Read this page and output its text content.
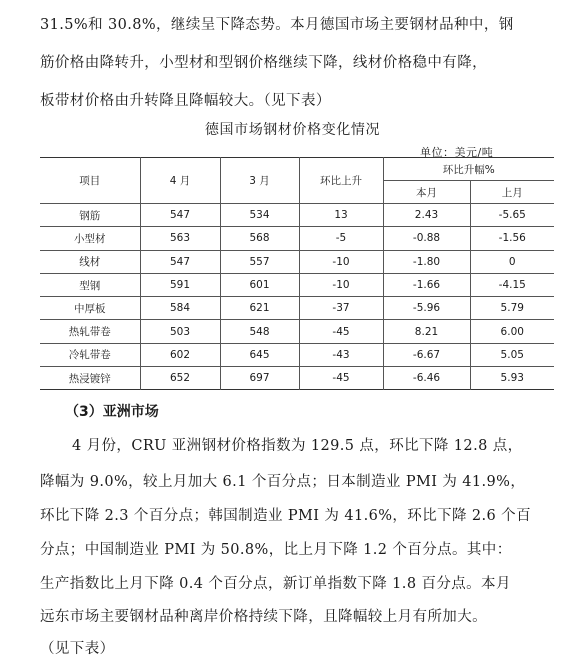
31.5%和 30.8%，继续呈下降态势。本月德国市场主要钢材品种中，钢
筋价格由降转升，小型材和型钢价格继续下降，线材价格稳中有降，
板带材价格由升转降且降幅较大。（见下表）
德国市场钢材价格变化情况
单位：美元/吨
项目	4 月	3 月	环比上升	环比升幅%	
				本月	上月
钢筋	547	534	13	2.43	-5.65
小型材	563	568	-5	-0.88	-1.56
线材	547	557	-10	-1.80	0
型钢	591	601	-10	-1.66	-4.15
中厚板	584	621	-37	-5.96	5.79
热轧带卷	503	548	-45	8.21	6.00
冷轧带卷	602	645	-43	-6.67	5.05
热浸镀锌	652	697	-45	-6.46	5.93
（3）亚洲市场
4 月份，CRU 亚洲钢材价格指数为 129.5 点，环比下降 12.8 点，
降幅为 9.0%，较上月加大 6.1 个百分点；日本制造业 PMI 为 41.9%，
环比下降 2.3 个百分点；韩国制造业 PMI 为 41.6%，环比下降 2.6 个百
分点；中国制造业 PMI 为 50.8%，比上月下降 1.2 个百分点。其中：
生产指数比上月下降 0.4 个百分点，新订单指数下降 1.8 百分点。本月
远东市场主要钢材品种离岸价格持续下降，且降幅较上月有所加大。
（见下表）
